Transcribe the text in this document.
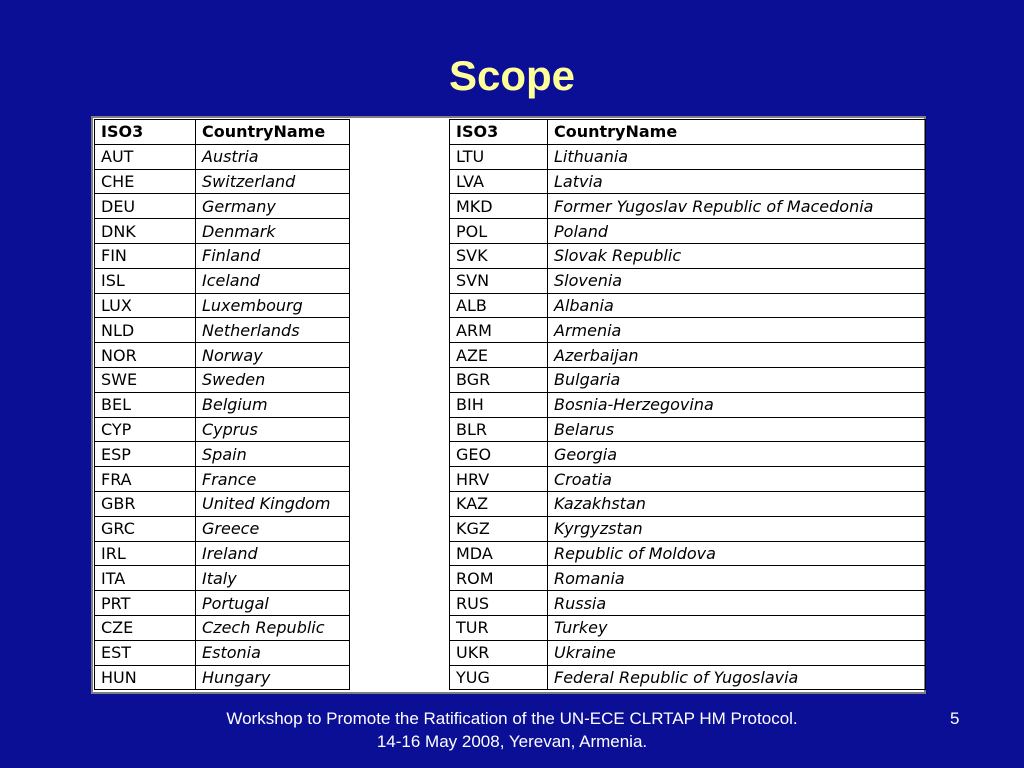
Scope
ISO3	CountryName		ISO3	CountryName
AUT	Austria		LTU	Lithuania
CHE	Switzerland		LVA	Latvia
DEU	Germany		MKD	Former Yugoslav Republic of Macedonia
DNK	Denmark		POL	Poland
FIN	Finland		SVK	Slovak Republic
ISL	Iceland		SVN	Slovenia
LUX	Luxembourg		ALB	Albania
NLD	Netherlands		ARM	Armenia
NOR	Norway		AZE	Azerbaijan
SWE	Sweden		BGR	Bulgaria
BEL	Belgium		BIH	Bosnia-Herzegovina
CYP	Cyprus		BLR	Belarus
ESP	Spain		GEO	Georgia
FRA	France		HRV	Croatia
GBR	United Kingdom		KAZ	Kazakhstan
GRC	Greece		KGZ	Kyrgyzstan
IRL	Ireland		MDA	Republic of Moldova
ITA	Italy		ROM	Romania
PRT	Portugal		RUS	Russia
CZE	Czech Republic		TUR	Turkey
EST	Estonia		UKR	Ukraine
HUN	Hungary		YUG	Federal Republic of Yugoslavia
Workshop to Promote the Ratification of the UN-ECE CLRTAP HM Protocol.
14-16 May 2008, Yerevan, Armenia.
5
